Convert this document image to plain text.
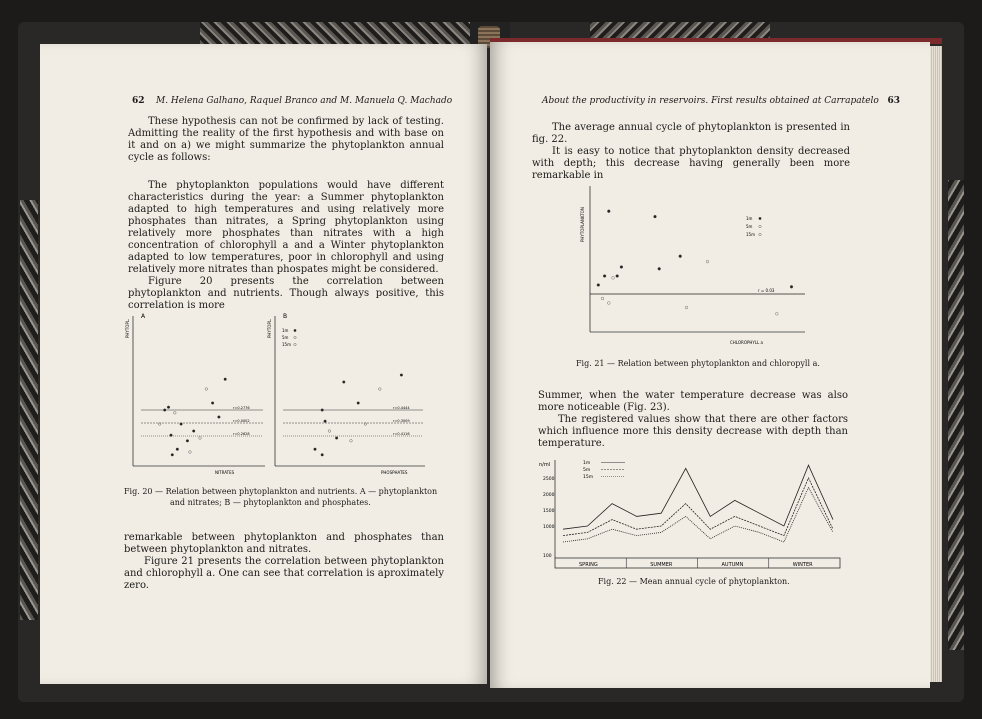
62 M. Helena Galhano, Raquel Branco and M. Manuela Q. Machado

These hypothesis can not be confirmed by lack of testing. Admitting the reality of the first hypothesis and with base on it and on a) we might summarize the phytoplankton annual cycle as follows:

The phytoplankton populations would have different characteristics during the year: a Summer phytoplankton adapted to high temperatures and using relatively more phosphates than nitrates, a Spring phytoplankton using relatively more phosphates than nitrates with a high concentration of chlorophyll a and a Winter phytoplankton adapted to low temperatures, poor in chlorophyll and using relatively more nitrates than phospates might be considered.

Figure 20 presents the correlation between phytoplankton and nutrients. Though always positive, this correlation is more

A
PHYTOPL.
r=0.2776
r=0.0002
r=0.2628
NITRATES
B
PHYTOPL.	1m
5m
15m
r=0.4444
r=0.3009
r=0.4116
PHOSPHATES
Fig. 20 — Relation between phytoplankton and nutrients. A — phytoplankton
and nitrates; B — phytoplankton and phosphates.

remarkable between phytoplankton and phosphates than between phytoplankton and nitrates.

Figure 21 presents the correlation between phytoplankton and chlorophyll a. One can see that correlation is aproximately zero.

About the productivity in reservoirs. First results obtained at Carrapatelo 63

The average annual cycle of phytoplankton is presented in fig. 22.

It is easy to notice that phytoplankton density decreased with depth; this decrease having generally been more remarkable in

PHYTOPLANKTON
r = 0.03
1m
5m
15m
CHLOROPHYLL a
Fig. 21 — Relation between phytoplankton and chloropyll a.

Summer, when the water temperature decrease was also more noticeable (Fig. 23).

The registered values show that there are other factors which influence more this density decrease with depth than temperature.

n/ml
100
1000
1500
2000
2500
1m
5m
15m
SPRING	SUMMER	AUTUMN	WINTER
Fig. 22 — Mean annual cycle of phytoplankton.
